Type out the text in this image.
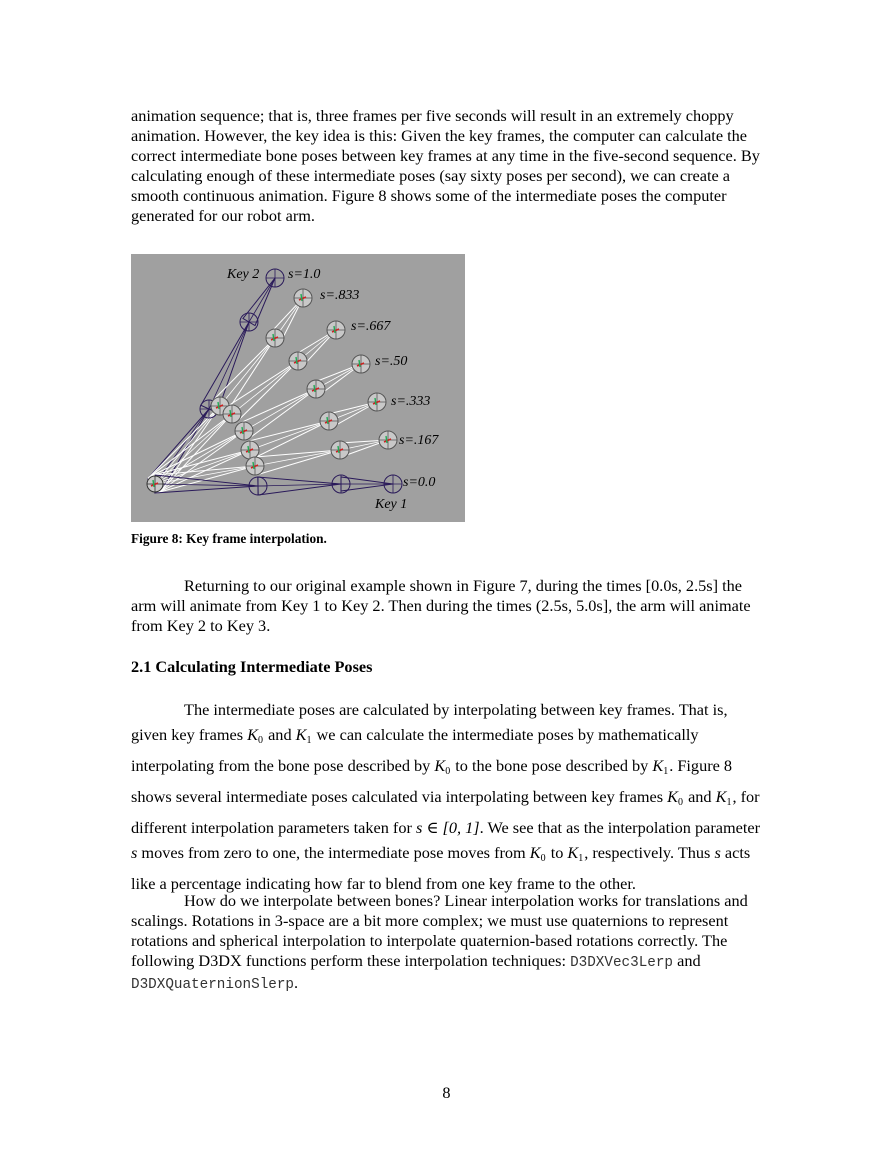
animation sequence; that is, three frames per five seconds will result in an extremely choppy animation. However, the key idea is this: Given the key frames, the computer can calculate the correct intermediate bone poses between key frames at any time in the five-second sequence. By calculating enough of these intermediate poses (say sixty poses per second), we can create a smooth continuous animation. Figure 8 shows some of the intermediate poses the computer generated for our robot arm.

Key 2 s=1.0
s=.833
s=.667
s=.50
s=.333
s=.167
s=0.0
Key 1
Figure 8: Key frame interpolation.

Returning to our original example shown in Figure 7, during the times [0.0s, 2.5s] the arm will animate from Key 1 to Key 2. Then during the times (2.5s, 5.0s], the arm will animate from Key 2 to Key 3.

2.1 Calculating Intermediate Poses

The intermediate poses are calculated by interpolating between key frames. That is, given key frames $K_0$ and $K_1$ we can calculate the intermediate poses by mathematically interpolating from the bone pose described by $K_0$ to the bone pose described by $K_1$. Figure 8 shows several intermediate poses calculated via interpolating between key frames $K_0$ and $K_1$, for different interpolation parameters taken for s ∈ [0, 1]. We see that as the interpolation parameter s moves from zero to one, the intermediate pose moves from $K_0$ to $K_1$, respectively. Thus s acts like a percentage indicating how far to blend from one key frame to the other.

How do we interpolate between bones? Linear interpolation works for translations and scalings. Rotations in 3-space are a bit more complex; we must use quaternions to represent rotations and spherical interpolation to interpolate quaternion-based rotations correctly. The following D3DX functions perform these interpolation techniques: D3DXVec3Lerp and D3DXQuaternionSlerp.

8
